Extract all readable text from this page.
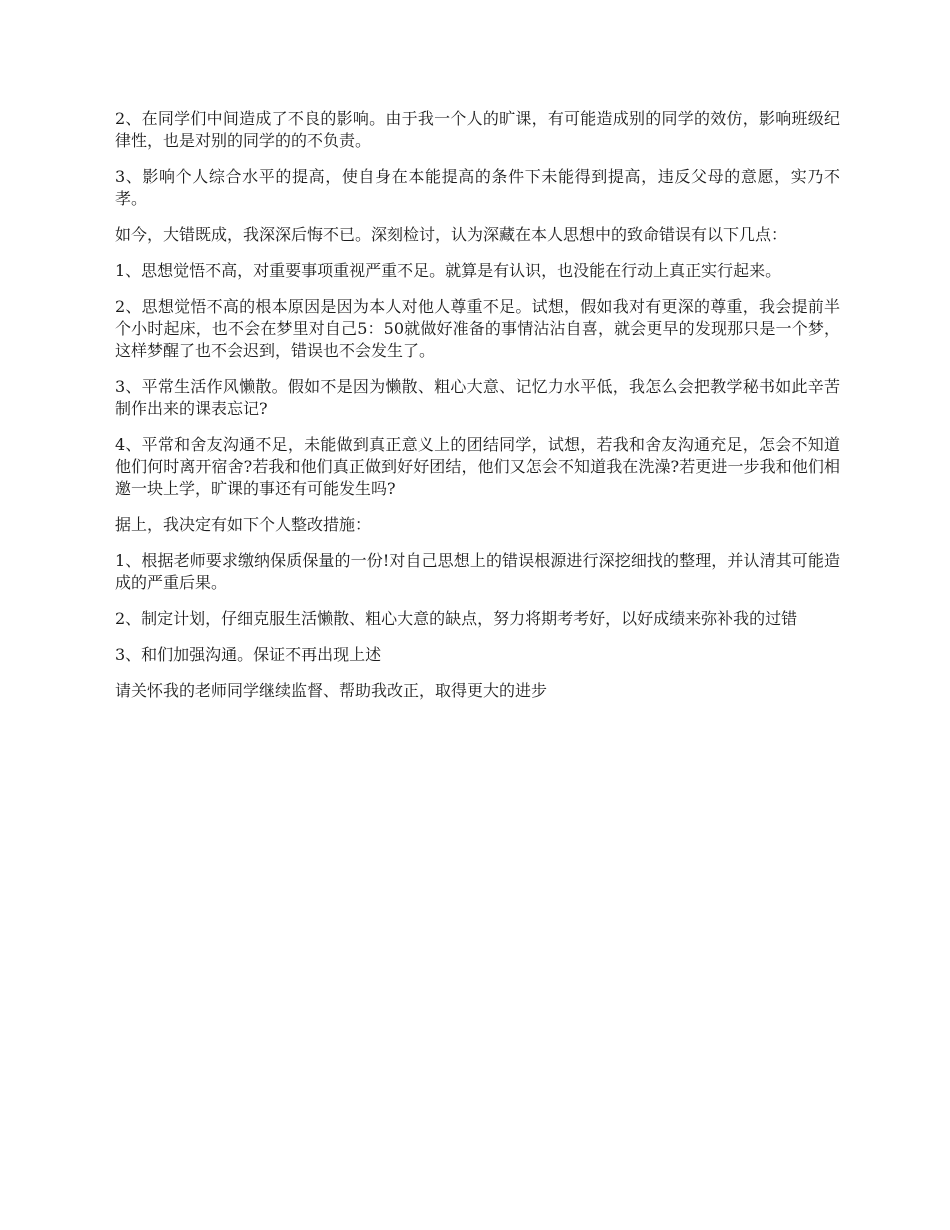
2、在同学们中间造成了不良的影响。由于我一个人的旷课，有可能造成别的同学的效仿，影响班级纪律性，也是对别的同学的的不负责。

3、影响个人综合水平的提高，使自身在本能提高的条件下未能得到提高，违反父母的意愿，实乃不孝。

如今，大错既成，我深深后悔不已。深刻检讨，认为深藏在本人思想中的致命错误有以下几点：

1、思想觉悟不高，对重要事项重视严重不足。就算是有认识，也没能在行动上真正实行起来。

2、思想觉悟不高的根本原因是因为本人对他人尊重不足。试想，假如我对有更深的尊重，我会提前半个小时起床，也不会在梦里对自己5：50就做好准备的事情沾沾自喜，就会更早的发现那只是一个梦，这样梦醒了也不会迟到，错误也不会发生了。

3、平常生活作风懒散。假如不是因为懒散、粗心大意、记忆力水平低，我怎么会把教学秘书如此辛苦制作出来的课表忘记?

4、平常和舍友沟通不足，未能做到真正意义上的团结同学，试想，若我和舍友沟通充足，怎会不知道他们何时离开宿舍?若我和他们真正做到好好团结，他们又怎会不知道我在洗澡?若更进一步我和他们相邀一块上学，旷课的事还有可能发生吗?

据上，我决定有如下个人整改措施：

1、根据老师要求缴纳保质保量的一份!对自己思想上的错误根源进行深挖细找的整理，并认清其可能造成的严重后果。

2、制定计划，仔细克服生活懒散、粗心大意的缺点，努力将期考考好，以好成绩来弥补我的过错

3、和们加强沟通。保证不再出现上述

请关怀我的老师同学继续监督、帮助我改正，取得更大的进步
